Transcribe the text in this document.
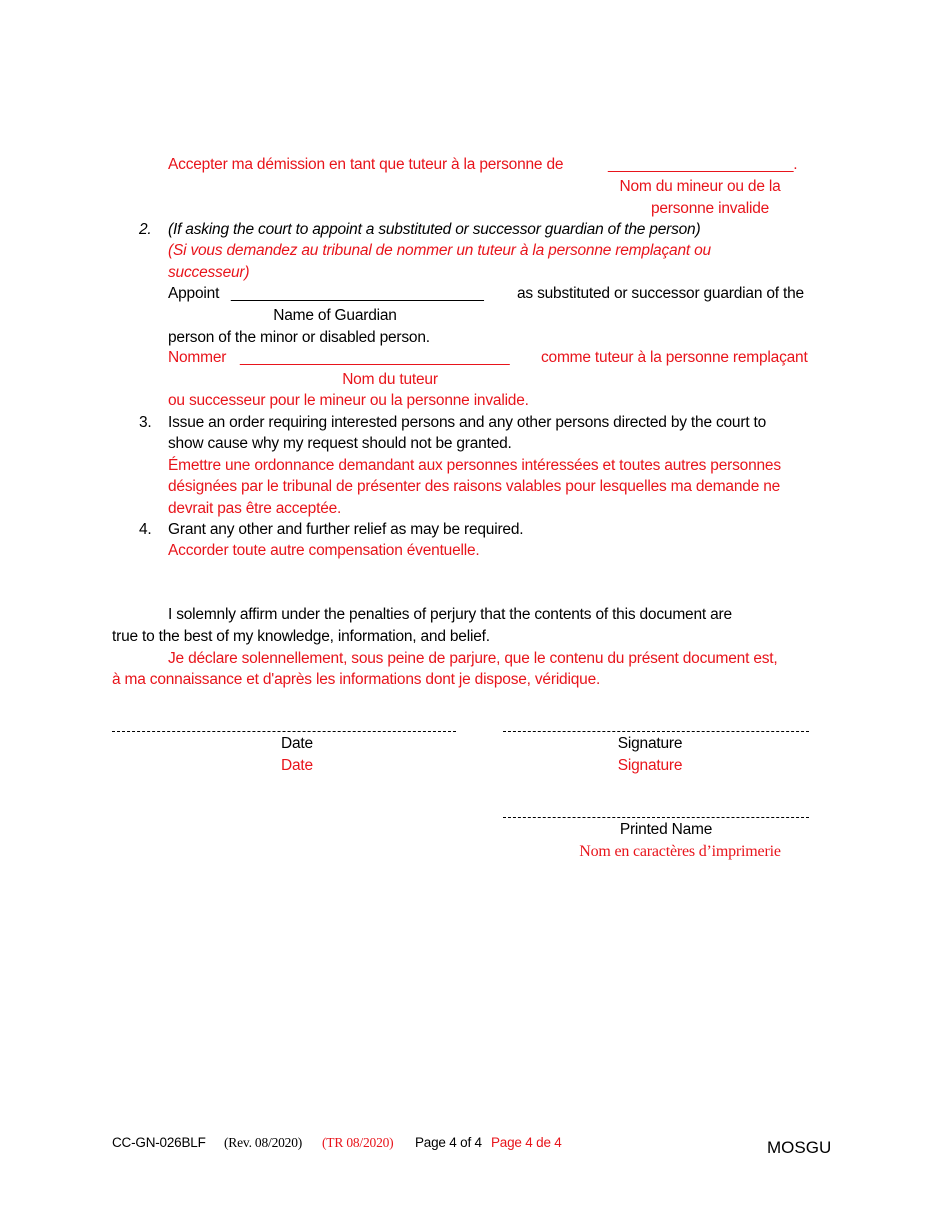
Accepter ma démission en tant que tuteur à la personne de	______________________.
Nom du mineur ou de la
personne invalide
2. (If asking the court to appoint a substituted or successor guardian of the person)
(Si vous demandez au tribunal de nommer un tuteur à la personne remplaçant ou
successeur)
Appoint ______________________________ as substituted or successor guardian of the
Name of Guardian
person of the minor or disabled person.
Nommer ________________________________ comme tuteur à la personne remplaçant
Nom du tuteur
ou successeur pour le mineur ou la personne invalide.
3. Issue an order requiring interested persons and any other persons directed by the court to
show cause why my request should not be granted.
Émettre une ordonnance demandant aux personnes intéressées et toutes autres personnes
désignées par le tribunal de présenter des raisons valables pour lesquelles ma demande ne
devrait pas être acceptée.
4. Grant any other and further relief as may be required.
Accorder toute autre compensation éventuelle.
I solemnly affirm under the penalties of perjury that the contents of this document are
true to the best of my knowledge, information, and belief.
Je déclare solennellement, sous peine de parjure, que le contenu du présent document est,
à ma connaissance et d'après les informations dont je dispose, véridique.
Date
Date
Signature
Signature
Printed Name
Nom en caractères d’imprimerie
CC-GN-026BLF (Rev. 08/2020) (TR 08/2020) Page 4 of 4 Page 4 de 4	MOSGU
